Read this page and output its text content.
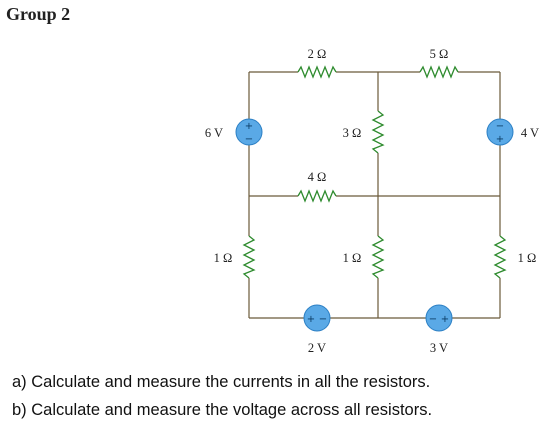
Group 2
+
−
−
+
+ −	− +
2 Ω	5 Ω
3 Ω
4 Ω
1 Ω	1 Ω	1 Ω
6 V	4 V
2 V	3 V
a) Calculate and measure the currents in all the resistors.
b) Calculate and measure the voltage across all resistors.
